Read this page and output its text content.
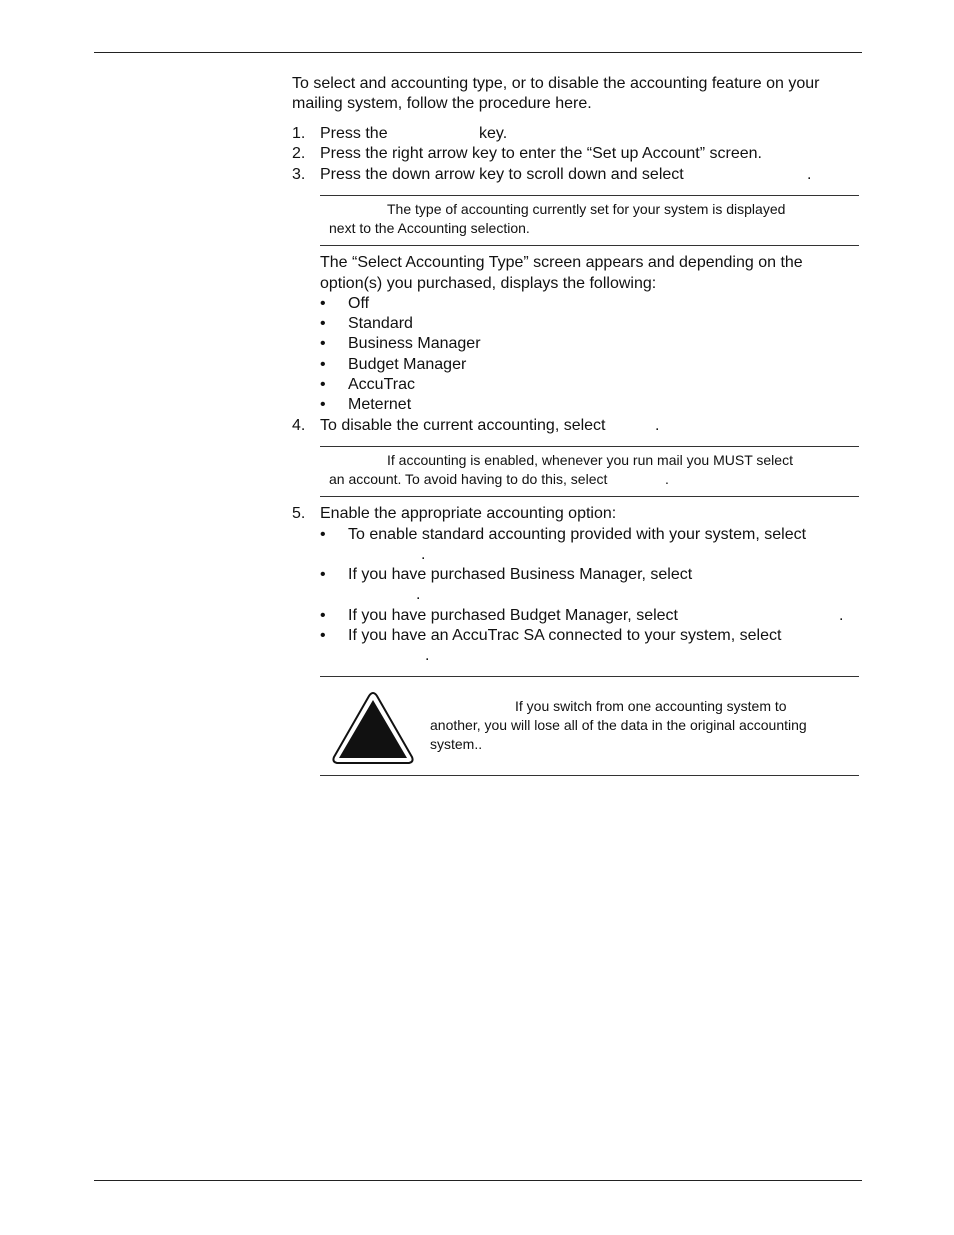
To select and accounting type, or to disable the accounting feature on your
mailing system, follow the procedure here.
1. Press the	key.
2. Press the right arrow key to enter the “Set up Account” screen.
3. Press the down arrow key to scroll down and select	.
The type of accounting currently set for your system is displayed
next to the Accounting selection.
The “Select Accounting Type” screen appears and depending on the
option(s) you purchased, displays the following:
• Off
• Standard
• Business Manager
• Budget Manager
• AccuTrac
• Meternet
4. To disable the current accounting, select	.
If accounting is enabled, whenever you run mail you MUST select
an account. To avoid having to do this, select	.
5. Enable the appropriate accounting option:
• To enable standard accounting provided with your system, select
.
• If you have purchased Business Manager, select
.
• If you have purchased Budget Manager, select	.
• If you have an AccuTrac SA connected to your system, select
.
If you switch from one accounting system to
another, you will lose all of the data in the original accounting
system..
